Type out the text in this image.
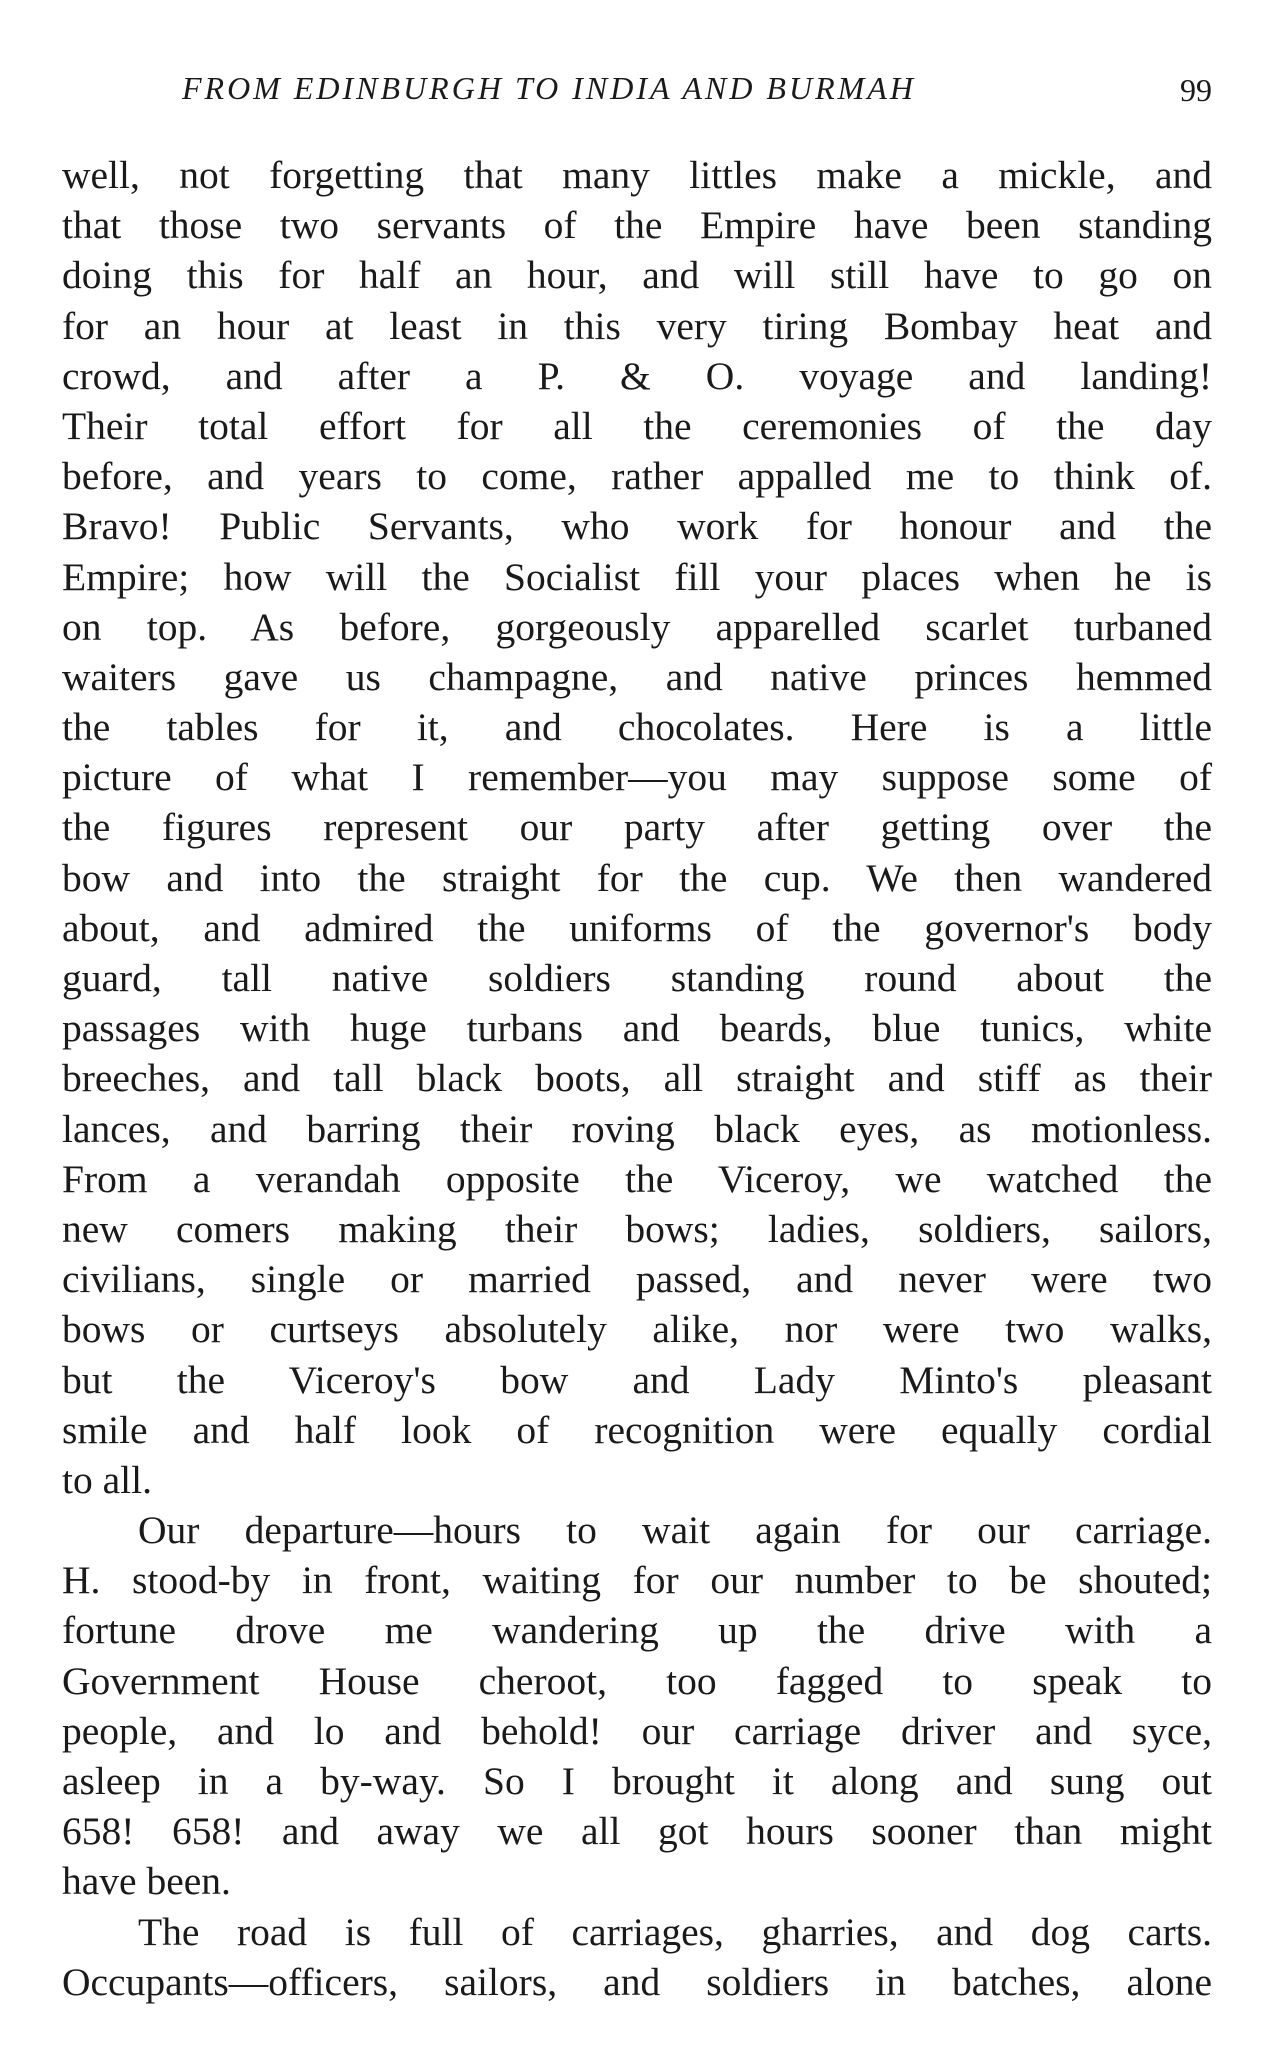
FROM EDINBURGH TO INDIA AND BURMAH	99
well, not forgetting that many littles make a mickle, and
that those two servants of the Empire have been standing
doing this for half an hour, and will still have to go on
for an hour at least in this very tiring Bombay heat and
crowd, and after a P. & O. voyage and landing!
Their total effort for all the ceremonies of the day
before, and years to come, rather appalled me to think of.
Bravo! Public Servants, who work for honour and the
Empire; how will the Socialist fill your places when he is
on top. As before, gorgeously apparelled scarlet turbaned
waiters gave us champagne, and native princes hemmed
the tables for it, and chocolates. Here is a little
picture of what I remember—you may suppose some of
the figures represent our party after getting over the
bow and into the straight for the cup. We then wandered
about, and admired the uniforms of the governor's body
guard, tall native soldiers standing round about the
passages with huge turbans and beards, blue tunics, white
breeches, and tall black boots, all straight and stiff as their
lances, and barring their roving black eyes, as motionless.
From a verandah opposite the Viceroy, we watched the
new comers making their bows; ladies, soldiers, sailors,
civilians, single or married passed, and never were two
bows or curtseys absolutely alike, nor were two walks,
but the Viceroy's bow and Lady Minto's pleasant
smile and half look of recognition were equally cordial
to all.
Our departure—hours to wait again for our carriage.
H. stood-by in front, waiting for our number to be shouted;
fortune drove me wandering up the drive with a
Government House cheroot, too fagged to speak to
people, and lo and behold! our carriage driver and syce,
asleep in a by-way. So I brought it along and sung out
658! 658! and away we all got hours sooner than might
have been.
The road is full of carriages, gharries, and dog carts.
Occupants—officers, sailors, and soldiers in batches, alone
